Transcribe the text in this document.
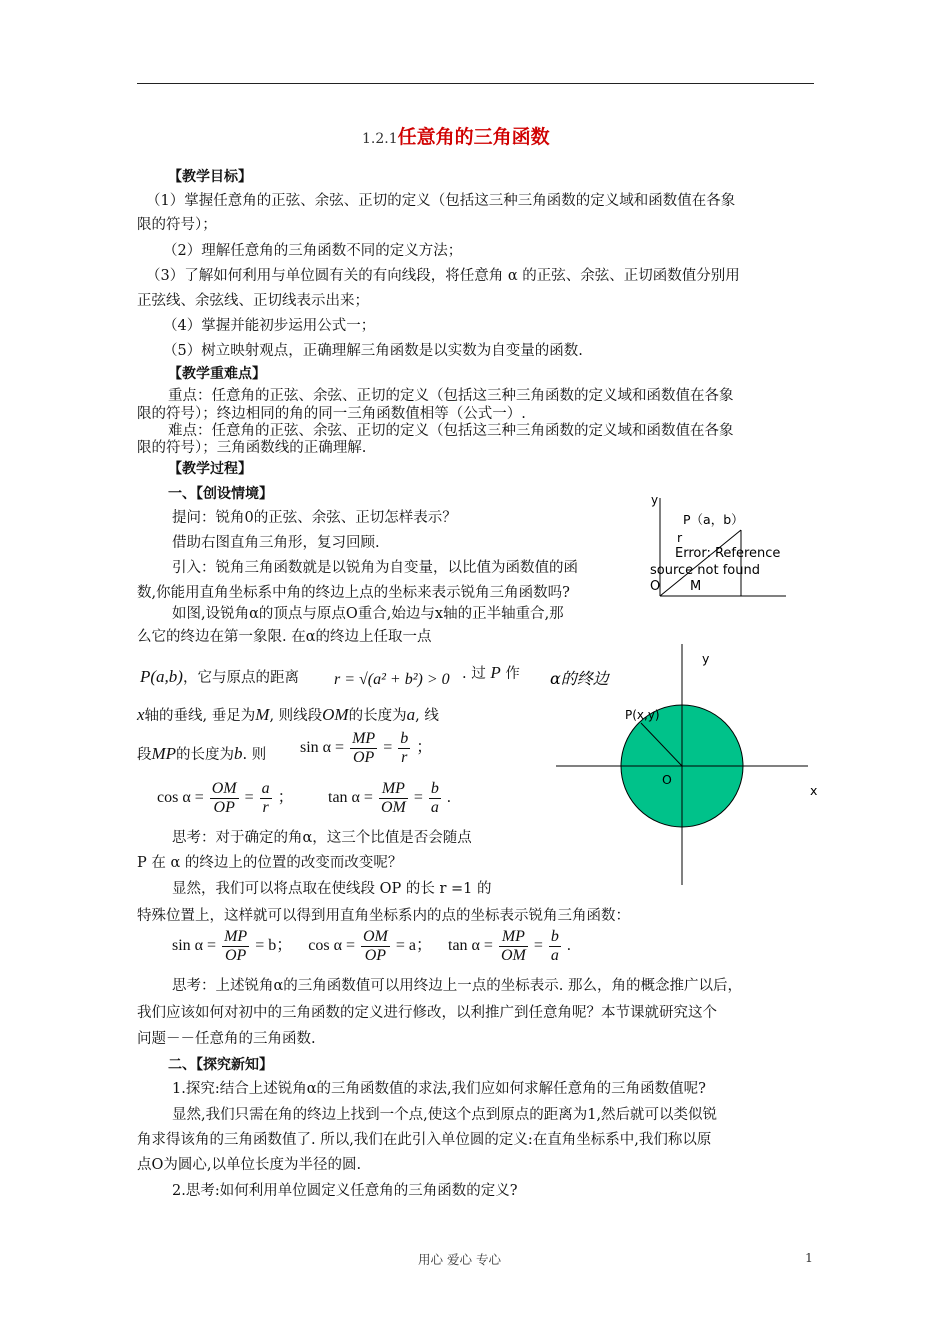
1.2.1任意角的三角函数
【教学目标】
（1）掌握任意角的正弦、余弦、正切的定义（包括这三种三角函数的定义域和函数值在各象
限的符号）；
（2）理解任意角的三角函数不同的定义方法；
（3）了解如何利用与单位圆有关的有向线段，将任意角 α 的正弦、余弦、正切函数值分别用
正弦线、余弦线、正切线表示出来；
（4）掌握并能初步运用公式一；
（5）树立映射观点，正确理解三角函数是以实数为自变量的函数.
【教学重难点】
重点：任意角的正弦、余弦、正切的定义（包括这三种三角函数的定义域和函数值在各象
限的符号）；终边相同的角的同一三角函数值相等（公式一）.
难点：任意角的正弦、余弦、正切的定义（包括这三种三角函数的定义域和函数值在各象
限的符号）；三角函数线的正确理解.
【教学过程】
一、【创设情境】
提问：锐角0的正弦、余弦、正切怎样表示？
借助右图直角三角形，复习回顾.
引入：锐角三角函数就是以锐角为自变量，以比值为函数值的函
数,你能用直角坐标系中角的终边上点的坐标来表示锐角三角函数吗?
如图,设锐角α的顶点与原点O重合,始边与x轴的正半轴重合,那
么它的终边在第一象限. 在α的终边上任取一点
P(a,b)，它与原点的距离 r = √(a² + b²) > 0 . 过 P 作
x轴的垂线, 垂足为M, 则线段OM的长度为a, 线
段MP的长度为b. 则 $\sin \alpha = \frac{MP}{OP} = \frac{b}{r}$ ；
$\cos \alpha = \frac{OM}{OP} = \frac{a}{r}$ ； $\tan \alpha = \frac{MP}{OM} = \frac{b}{a}$ .
思考：对于确定的角α，这三个比值是否会随点
P 在 α 的终边上的位置的改变而改变呢？
显然，我们可以将点取在使线段 OP 的长 r =1 的
特殊位置上，这样就可以得到用直角坐标系内的点的坐标表示锐角三角函数：
$\sin \alpha = \frac{MP}{OP} = b$； $\cos \alpha = \frac{OM}{OP} = a$； $\tan \alpha = \frac{MP}{OM} = \frac{b}{a}$ .
思考：上述锐角α的三角函数值可以用终边上一点的坐标表示. 那么，角的概念推广以后，
我们应该如何对初中的三角函数的定义进行修改，以利推广到任意角呢？本节课就研究这个
问题－－任意角的三角函数.
二、【探究新知】
1.探究:结合上述锐角α的三角函数值的求法,我们应如何求解任意角的三角函数值呢?
显然,我们只需在角的终边上找到一个点,使这个点到原点的距离为1,然后就可以类似锐
角求得该角的三角函数值了. 所以,我们在此引入单位圆的定义:在直角坐标系中,我们称以原
点O为圆心,以单位长度为半径的圆.
2.思考:如何利用单位圆定义任意角的三角函数的定义?
y
P（a，b）
r
Error: Reference
source not found
O M
y
x
O
P(x,y)
α的终边
用心 爱心 专心	1
